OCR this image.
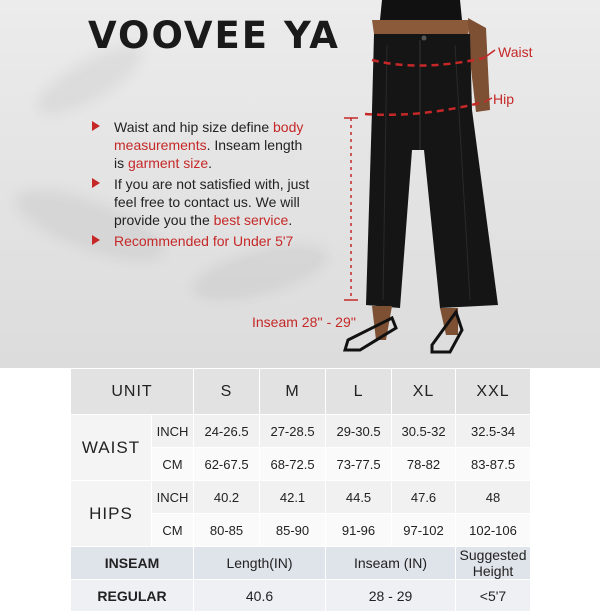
VOOVEE YA
Waist and hip size define body measurements. Inseam length is garment size.
If you are not satisfied with, just feel free to contact us. We will provide you the best service.
Recommended for Under 5'7
Waist
Hip
Inseam 28'' - 29''
UNIT		S	M	L	XL	XXL
WAIST	INCH	24-26.5	27-28.5	29-30.5	30.5-32	32.5-34
	CM	62-67.5	68-72.5	73-77.5	78-82	83-87.5
HIPS	INCH	40.2	42.1	44.5	47.6	48
	CM	80-85	85-90	91-96	97-102	102-106
INSEAM		Length(IN)		Inseam (IN)		Suggested Height
REGULAR		40.6		28 - 29		<5'7
